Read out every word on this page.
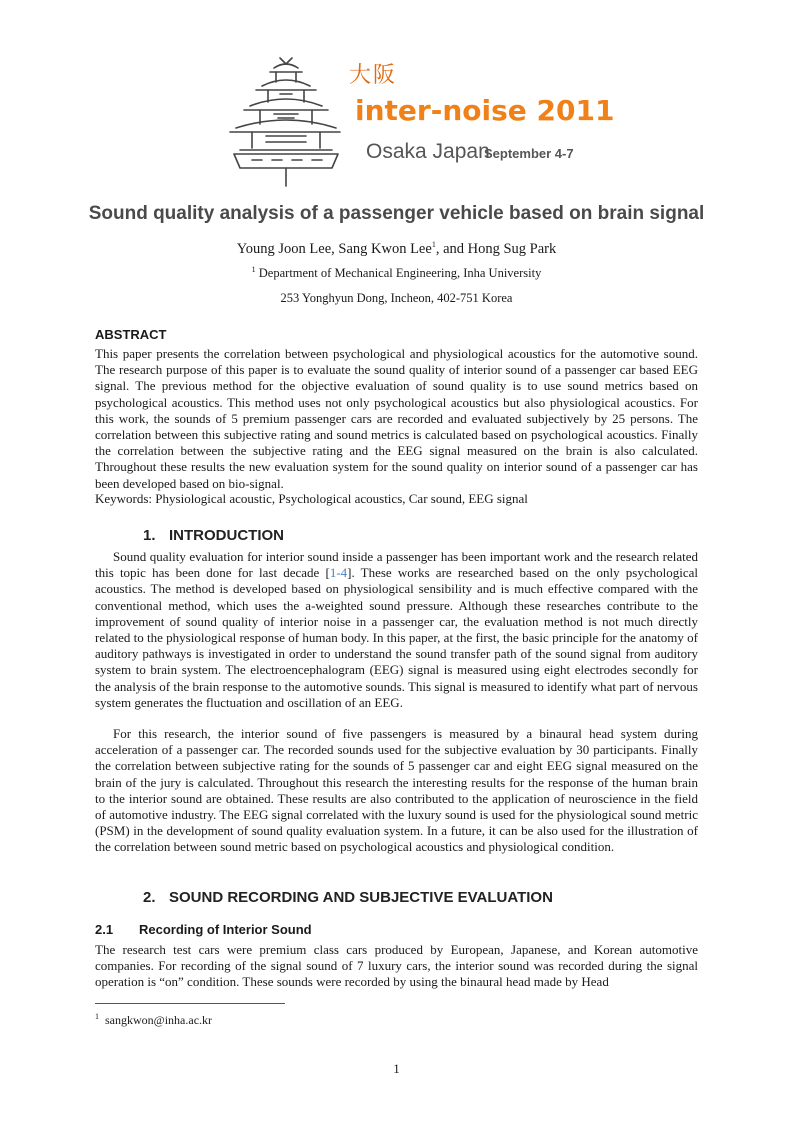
大阪
inter-noise 2011
Osaka Japan
September 4-7
Sound quality analysis of a passenger vehicle based on brain signal
Young Joon Lee, Sang Kwon Lee$^1$, and Hong Sug Park
$^1$ Department of Mechanical Engineering, Inha University
253 Yonghyun Dong, Incheon, 402-751 Korea
ABSTRACT

This paper presents the correlation between psychological and physiological acoustics for the automotive sound. The research purpose of this paper is to evaluate the sound quality of interior sound of a passenger car based EEG signal. The previous method for the objective evaluation of sound quality is to use sound metrics based on psychological acoustics. This method uses not only psychological acoustics but also physiological acoustics. For this work, the sounds of 5 premium passenger cars are recorded and evaluated subjectively by 25 persons. The correlation between this subjective rating and sound metrics is calculated based on psychological acoustics. Finally the correlation between the subjective rating and the EEG signal measured on the brain is also calculated. Throughout these results the new evaluation system for the sound quality on interior sound of a passenger car has been developed based on bio-signal.

Keywords: Physiological acoustic, Psychological acoustics, Car sound, EEG signal
1. INTRODUCTION

Sound quality evaluation for interior sound inside a passenger has been important work and the research related this topic has been done for last decade [1-4]. These works are researched based on the only psychological acoustics. The method is developed based on physiological sensibility and is much effective compared with the conventional method, which uses the a-weighted sound pressure. Although these researches contribute to the improvement of sound quality of interior noise in a passenger car, the evaluation method is not much directly related to the physiological response of human body. In this paper, at the first, the basic principle for the anatomy of auditory pathways is investigated in order to understand the sound transfer path of the sound signal from auditory system to brain system. The electroencephalogram (EEG) signal is measured using eight electrodes secondly for the analysis of the brain response to the automotive sounds. This signal is measured to identify what part of nervous system generates the fluctuation and oscillation of an EEG.

For this research, the interior sound of five passengers is measured by a binaural head system during acceleration of a passenger car. The recorded sounds used for the subjective evaluation by 30 participants. Finally the correlation between subjective rating for the sounds of 5 passenger car and eight EEG signal measured on the brain of the jury is calculated. Throughout this research the interesting results for the response of the human brain to the interior sound are obtained. These results are also contributed to the application of neuroscience in the field of automotive industry. The EEG signal correlated with the luxury sound is used for the physiological sound metric (PSM) in the development of sound quality evaluation system. In a future, it can be also used for the illustration of the correlation between sound metric based on psychological acoustics and physiological condition.

2. SOUND RECORDING AND SUBJECTIVE EVALUATION
2.1 Recording of Interior Sound

The research test cars were premium class cars produced by European, Japanese, and Korean automotive companies. For recording of the signal sound of 7 luxury cars, the interior sound was recorded during the signal operation is “on” condition. These sounds were recorded by using the binaural head made by Head

$^1$ sangkwon@inha.ac.kr
1
